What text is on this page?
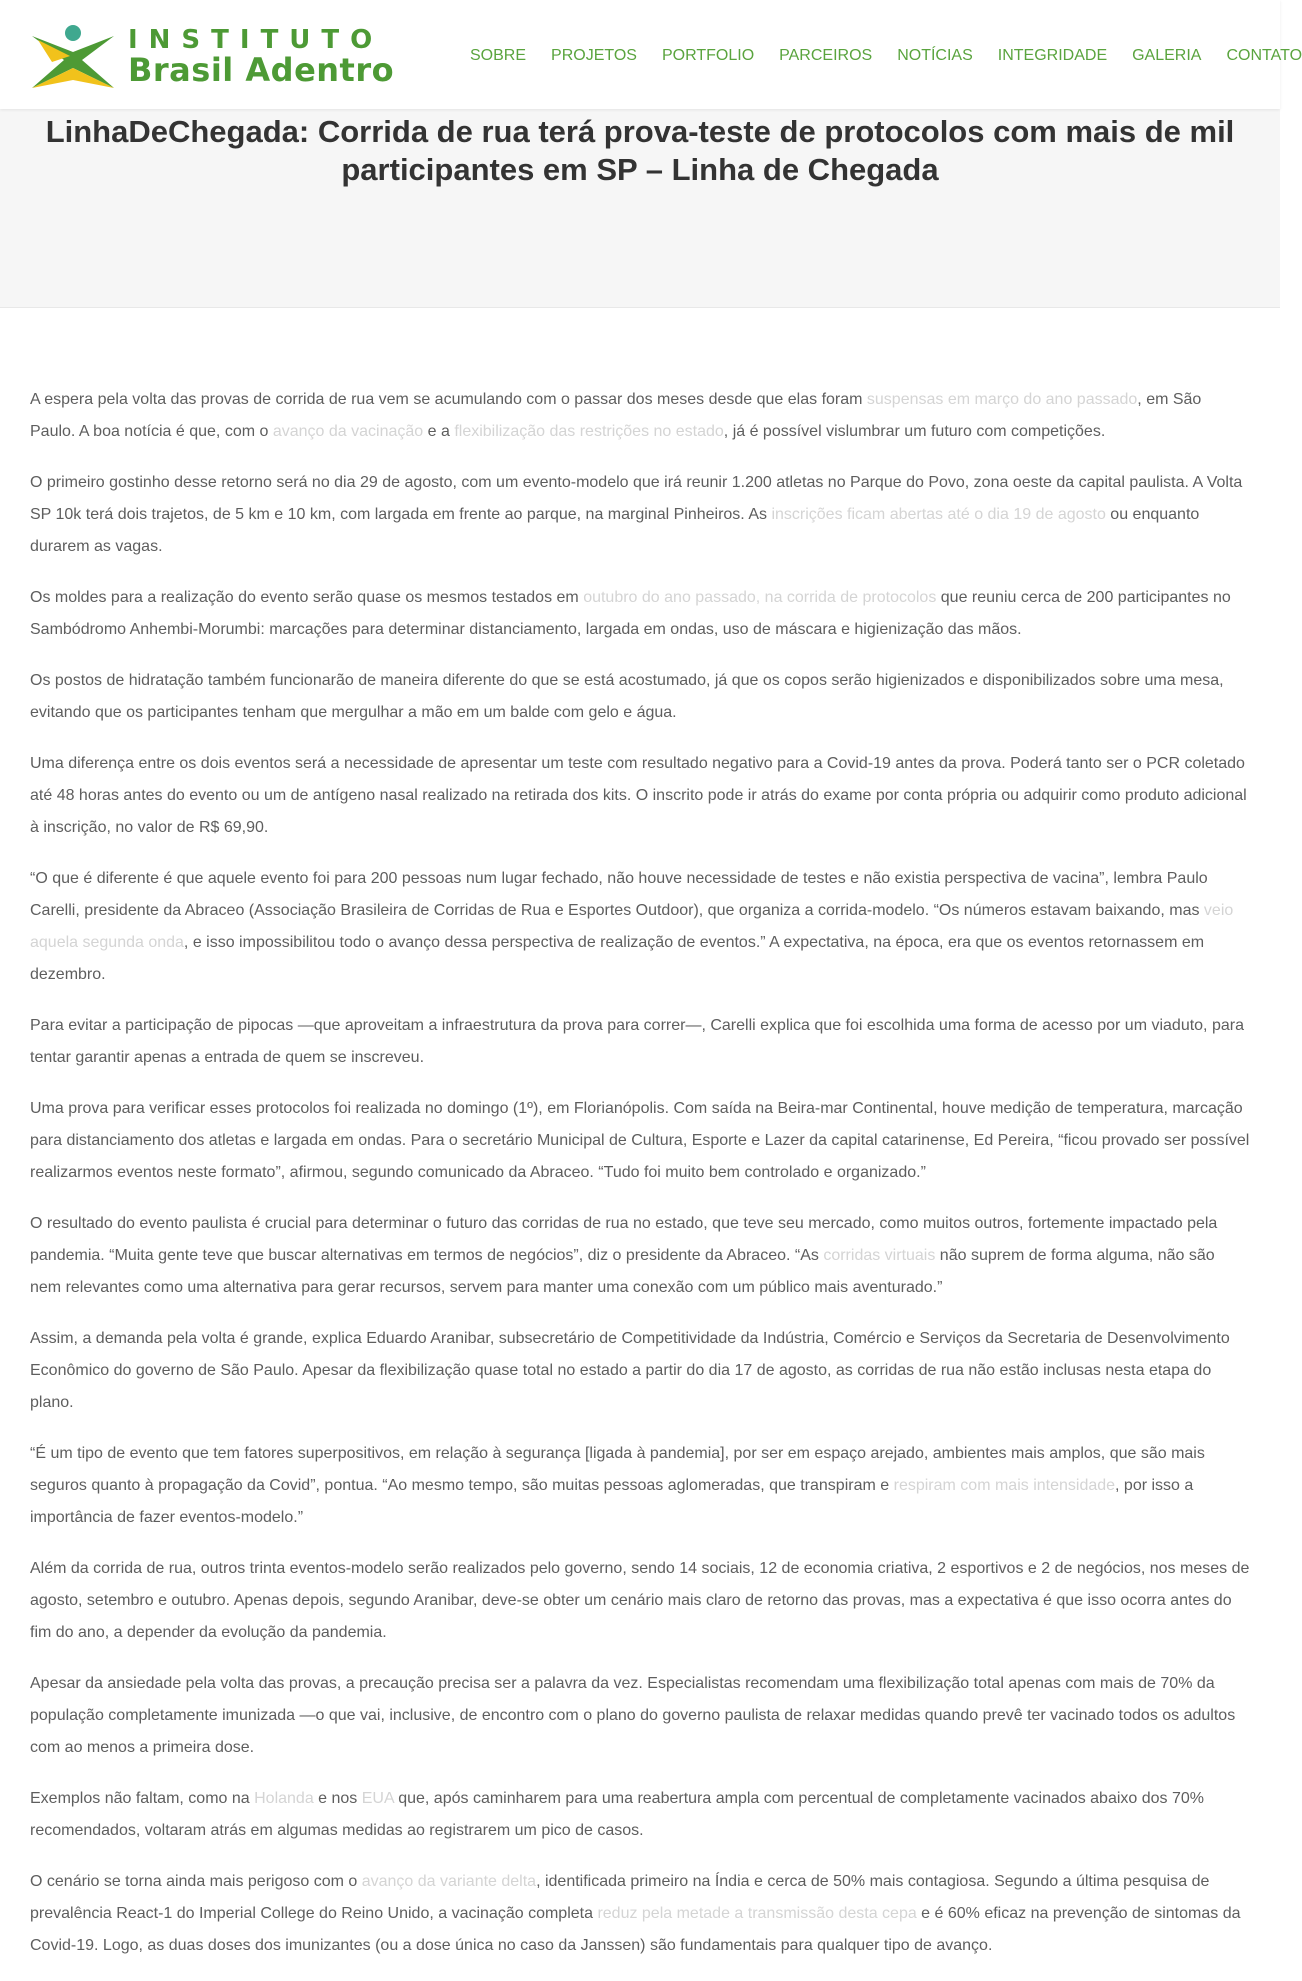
INSTITUTO
Brasil Adentro	SOBRE PROJETOS PORTFOLIO PARCEIROS NOTÍCIAS INTEGRIDADE GALERIA CONTATO
LinhaDeChegada: Corrida de rua terá prova-teste de protocolos com mais de mil participantes em SP – Linha de Chegada

A espera pela volta das provas de corrida de rua vem se acumulando com o passar dos meses desde que elas foram suspensas em março do ano passado, em São Paulo. A boa notícia é que, com o avanço da vacinação e a flexibilização das restrições no estado, já é possível vislumbrar um futuro com competições.

O primeiro gostinho desse retorno será no dia 29 de agosto, com um evento-modelo que irá reunir 1.200 atletas no Parque do Povo, zona oeste da capital paulista. A Volta SP 10k terá dois trajetos, de 5 km e 10 km, com largada em frente ao parque, na marginal Pinheiros. As inscrições ficam abertas até o dia 19 de agosto ou enquanto durarem as vagas.

Os moldes para a realização do evento serão quase os mesmos testados em outubro do ano passado, na corrida de protocolos que reuniu cerca de 200 participantes no Sambódromo Anhembi-Morumbi: marcações para determinar distanciamento, largada em ondas, uso de máscara e higienização das mãos.

Os postos de hidratação também funcionarão de maneira diferente do que se está acostumado, já que os copos serão higienizados e disponibilizados sobre uma mesa, evitando que os participantes tenham que mergulhar a mão em um balde com gelo e água.

Uma diferença entre os dois eventos será a necessidade de apresentar um teste com resultado negativo para a Covid-19 antes da prova. Poderá tanto ser o PCR coletado até 48 horas antes do evento ou um de antígeno nasal realizado na retirada dos kits. O inscrito pode ir atrás do exame por conta própria ou adquirir como produto adicional à inscrição, no valor de R$ 69,90.

“O que é diferente é que aquele evento foi para 200 pessoas num lugar fechado, não houve necessidade de testes e não existia perspectiva de vacina”, lembra Paulo Carelli, presidente da Abraceo (Associação Brasileira de Corridas de Rua e Esportes Outdoor), que organiza a corrida-modelo. “Os números estavam baixando, mas veio aquela segunda onda, e isso impossibilitou todo o avanço dessa perspectiva de realização de eventos.” A expectativa, na época, era que os eventos retornassem em dezembro.

Para evitar a participação de pipocas —que aproveitam a infraestrutura da prova para correr—, Carelli explica que foi escolhida uma forma de acesso por um viaduto, para tentar garantir apenas a entrada de quem se inscreveu.

Uma prova para verificar esses protocolos foi realizada no domingo (1º), em Florianópolis. Com saída na Beira-mar Continental, houve medição de temperatura, marcação para distanciamento dos atletas e largada em ondas. Para o secretário Municipal de Cultura, Esporte e Lazer da capital catarinense, Ed Pereira, “ficou provado ser possível realizarmos eventos neste formato”, afirmou, segundo comunicado da Abraceo. “Tudo foi muito bem controlado e organizado.”

O resultado do evento paulista é crucial para determinar o futuro das corridas de rua no estado, que teve seu mercado, como muitos outros, fortemente impactado pela pandemia. “Muita gente teve que buscar alternativas em termos de negócios”, diz o presidente da Abraceo. “As corridas virtuais não suprem de forma alguma, não são nem relevantes como uma alternativa para gerar recursos, servem para manter uma conexão com um público mais aventurado.”

Assim, a demanda pela volta é grande, explica Eduardo Aranibar, subsecretário de Competitividade da Indústria, Comércio e Serviços da Secretaria de Desenvolvimento Econômico do governo de São Paulo. Apesar da flexibilização quase total no estado a partir do dia 17 de agosto, as corridas de rua não estão inclusas nesta etapa do plano.

“É um tipo de evento que tem fatores superpositivos, em relação à segurança [ligada à pandemia], por ser em espaço arejado, ambientes mais amplos, que são mais seguros quanto à propagação da Covid”, pontua. “Ao mesmo tempo, são muitas pessoas aglomeradas, que transpiram e respiram com mais intensidade, por isso a importância de fazer eventos-modelo.”

Além da corrida de rua, outros trinta eventos-modelo serão realizados pelo governo, sendo 14 sociais, 12 de economia criativa, 2 esportivos e 2 de negócios, nos meses de agosto, setembro e outubro. Apenas depois, segundo Aranibar, deve-se obter um cenário mais claro de retorno das provas, mas a expectativa é que isso ocorra antes do fim do ano, a depender da evolução da pandemia.

Apesar da ansiedade pela volta das provas, a precaução precisa ser a palavra da vez. Especialistas recomendam uma flexibilização total apenas com mais de 70% da população completamente imunizada —o que vai, inclusive, de encontro com o plano do governo paulista de relaxar medidas quando prevê ter vacinado todos os adultos com ao menos a primeira dose.

Exemplos não faltam, como na Holanda e nos EUA que, após caminharem para uma reabertura ampla com percentual de completamente vacinados abaixo dos 70% recomendados, voltaram atrás em algumas medidas ao registrarem um pico de casos.

O cenário se torna ainda mais perigoso com o avanço da variante delta, identificada primeiro na Índia e cerca de 50% mais contagiosa. Segundo a última pesquisa de prevalência React-1 do Imperial College do Reino Unido, a vacinação completa reduz pela metade a transmissão desta cepa e é 60% eficaz na prevenção de sintomas da Covid-19. Logo, as duas doses dos imunizantes (ou a dose única no caso da Janssen) são fundamentais para qualquer tipo de avanço.
